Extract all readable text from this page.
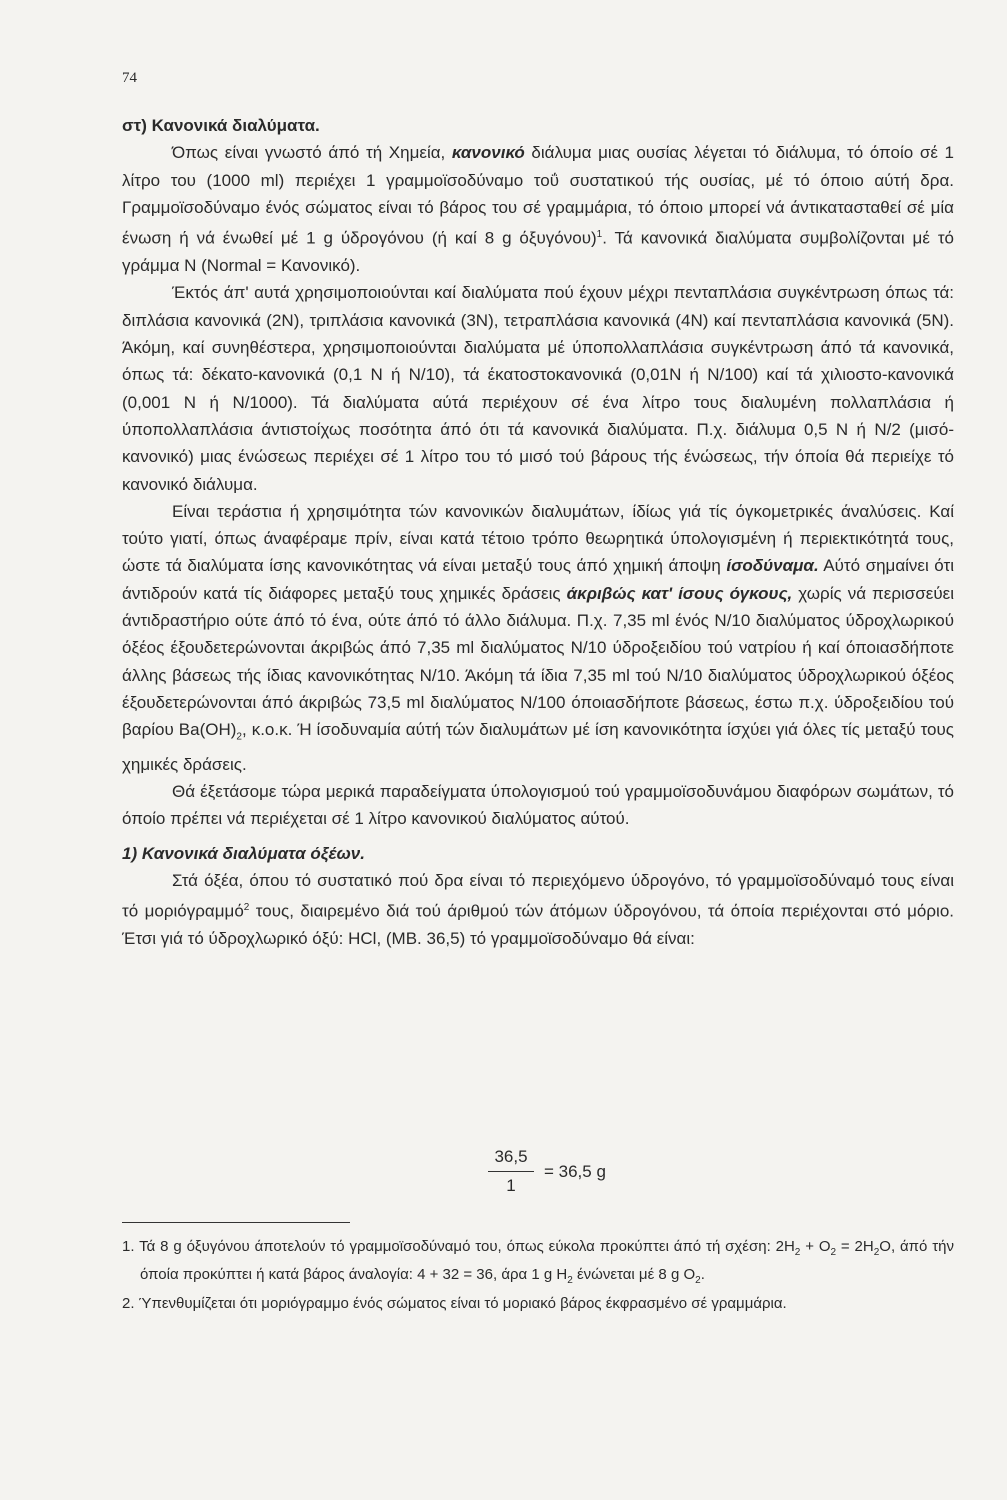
74
στ) Κανονικά διαλύματα.

Όπως είναι γνωστό άπό τή Χημεία, κανονικό διάλυμα μιας ουσίας λέγεται τό διάλυμα, τό όποίο σέ 1 λίτρο του (1000 ml) περιέχει 1 γραμμοϊσοδύναμο τοΰ συστατικού τής ουσίας, μέ τό όποιο αύτή δρα. Γραμμοϊσοδύναμο ένός σώματος είναι τό βάρος του σέ γραμμάρια, τό όποιο μπορεί νά άντικατασταθεί σέ μία ένωση ή νά ένωθεί μέ 1 g ύδρογόνου (ή καί 8 g όξυγόνου)$^1$. Τά κανονικά διαλύματα συμβολίζονται μέ τό γράμμα Ν (Normal = Κανονικό).

Έκτός άπ' αυτά χρησιμοποιούνται καί διαλύματα πού έχουν μέχρι πενταπλάσια συγκέντρωση όπως τά: διπλάσια κανονικά (2Ν), τριπλάσια κανονικά (3Ν), τετραπλάσια κανονικά (4Ν) καί πενταπλάσια κανονικά (5Ν). Άκόμη, καί συνηθέστερα, χρησιμοποιούνται διαλύματα μέ ύποπολλαπλάσια συγκέντρωση άπό τά κανονικά, όπως τά: δέκατο-κανονικά (0,1 Ν ή Ν/10), τά έκατοστοκανονικά (0,01Ν ή Ν/100) καί τά χιλιοστο-κανονικά (0,001 Ν ή Ν/1000). Τά διαλύματα αύτά περιέχουν σέ ένα λίτρο τους διαλυμένη πολλαπλάσια ή ύποπολλαπλάσια άντιστοίχως ποσότητα άπό ότι τά κανονικά διαλύματα. Π.χ. διάλυμα 0,5 Ν ή Ν/2 (μισό-κανονικό) μιας ένώσεως περιέχει σέ 1 λίτρο του τό μισό τού βάρους τής ένώσεως, τήν όποία θά περιείχε τό κανονικό διάλυμα.

Είναι τεράστια ή χρησιμότητα τών κανονικών διαλυμάτων, ίδίως γιά τίς όγκομετρικές άναλύσεις. Καί τούτο γιατί, όπως άναφέραμε πρίν, είναι κατά τέτοιο τρόπο θεωρητικά ύπολογισμένη ή περιεκτικότητά τους, ώστε τά διαλύματα ίσης κανονικότητας νά είναι μεταξύ τους άπό χημική άποψη ίσοδύναμα. Αύτό σημαίνει ότι άντιδρούν κατά τίς διάφορες μεταξύ τους χημικές δράσεις άκριβώς κατ' ίσους όγκους, χωρίς νά περισσεύει άντιδραστήριο ούτε άπό τό ένα, ούτε άπό τό άλλο διάλυμα. Π.χ. 7,35 ml ένός Ν/10 διαλύματος ύδροχλωρικού όξέος έξουδετερώνονται άκριβώς άπό 7,35 ml διαλύματος Ν/10 ύδροξειδίου τού νατρίου ή καί όποιασδήποτε άλλης βάσεως τής ίδιας κανονικότητας Ν/10. Άκόμη τά ίδια 7,35 ml τού Ν/10 διαλύματος ύδροχλωρικού όξέος έξουδετερώνονται άπό άκριβώς 73,5 ml διαλύματος Ν/100 όποιασδήποτε βάσεως, έστω π.χ. ύδροξειδίου τού βαρίου $Ba(OH)_2$, κ.ο.κ. Ή ίσοδυναμία αύτή τών διαλυμάτων μέ ίση κανονικότητα ίσχύει γιά όλες τίς μεταξύ τους χημικές δράσεις.

Θά έξετάσομε τώρα μερικά παραδείγματα ύπολογισμού τού γραμμοϊσοδυνάμου διαφόρων σωμάτων, τό όποίο πρέπει νά περιέχεται σέ 1 λίτρο κανονικού διαλύματος αύτού.

1) Κανονικά διαλύματα όξέων.

Στά όξέα, όπου τό συστατικό πού δρα είναι τό περιεχόμενο ύδρογόνο, τό γραμμοϊσοδύναμό τους είναι τό μοριόγραμμό$^2$ τους, διαιρεμένο διά τού άριθμού τών άτόμων ύδρογόνου, τά όποία περιέχονται στό μόριο. Έτσι γιά τό ύδροχλωρικό όξύ: HCl, (ΜΒ. 36,5) τό γραμμοϊσοδύναμο θά είναι:

$\frac{36,5}{1} = 36,5$ g

1. Τά 8 g όξυγόνου άποτελούν τό γραμμοϊσοδύναμό του, όπως εύκολα προκύπτει άπό τή σχέση: $2H_2 + O_2 = 2H_2O$, άπό τήν όποία προκύπτει ή κατά βάρος άναλογία: 4 + 32 = 36, άρα 1 g $H_2$ ένώνεται μέ 8 g $O_2$.

2. Ύπενθυμίζεται ότι μοριόγραμμο ένός σώματος είναι τό μοριακό βάρος έκφρασμένο σέ γραμμάρια.
